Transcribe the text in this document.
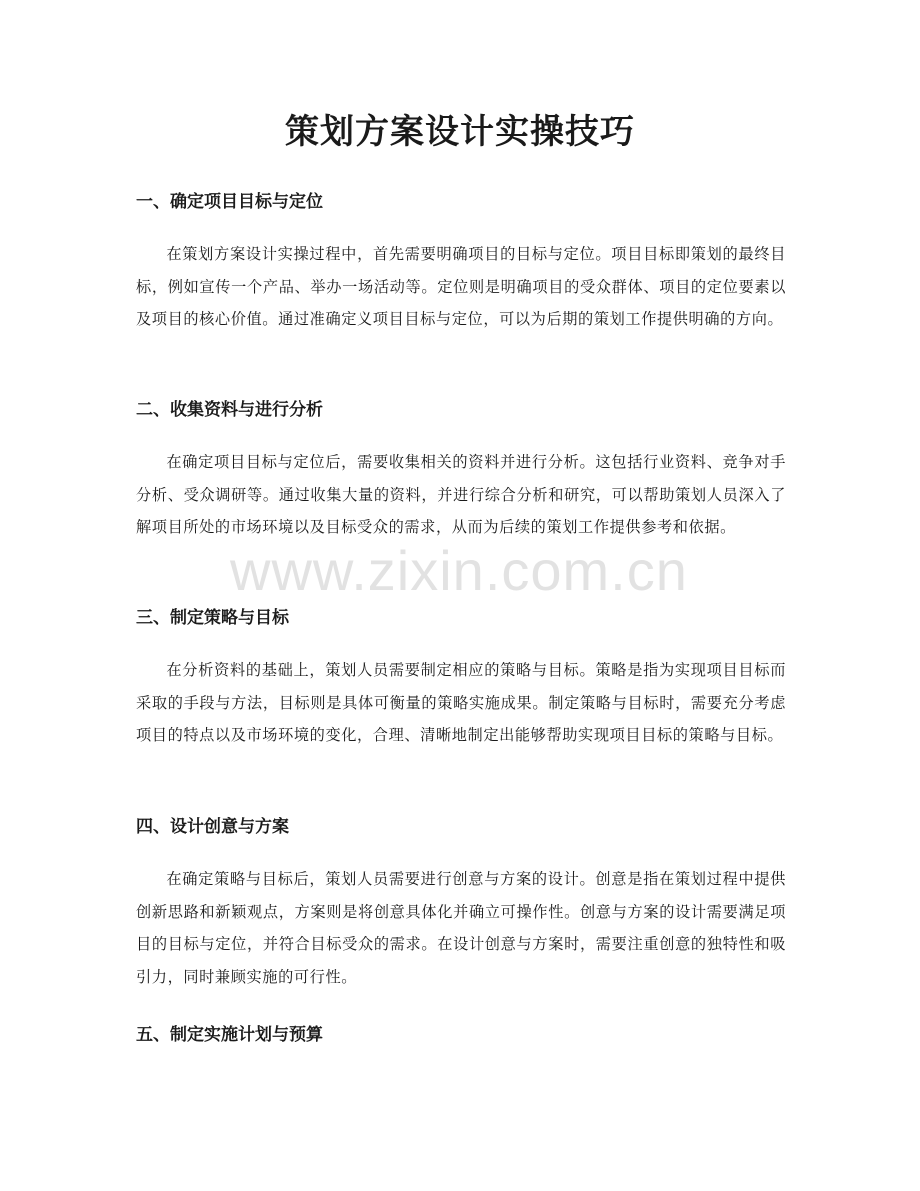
策划方案设计实操技巧
一、确定项目目标与定位

在策划方案设计实操过程中，首先需要明确项目的目标与定位。项目目标即策划的最终目标，例如宣传一个产品、举办一场活动等。定位则是明确项目的受众群体、项目的定位要素以及项目的核心价值。通过准确定义项目目标与定位，可以为后期的策划工作提供明确的方向。

二、收集资料与进行分析

在确定项目目标与定位后，需要收集相关的资料并进行分析。这包括行业资料、竞争对手分析、受众调研等。通过收集大量的资料，并进行综合分析和研究，可以帮助策划人员深入了解项目所处的市场环境以及目标受众的需求，从而为后续的策划工作提供参考和依据。

三、制定策略与目标

在分析资料的基础上，策划人员需要制定相应的策略与目标。策略是指为实现项目目标而采取的手段与方法，目标则是具体可衡量的策略实施成果。制定策略与目标时，需要充分考虑项目的特点以及市场环境的变化，合理、清晰地制定出能够帮助实现项目目标的策略与目标。

四、设计创意与方案

在确定策略与目标后，策划人员需要进行创意与方案的设计。创意是指在策划过程中提供创新思路和新颖观点，方案则是将创意具体化并确立可操作性。创意与方案的设计需要满足项目的目标与定位，并符合目标受众的需求。在设计创意与方案时，需要注重创意的独特性和吸引力，同时兼顾实施的可行性。

五、制定实施计划与预算
www.zixin.com.cn
